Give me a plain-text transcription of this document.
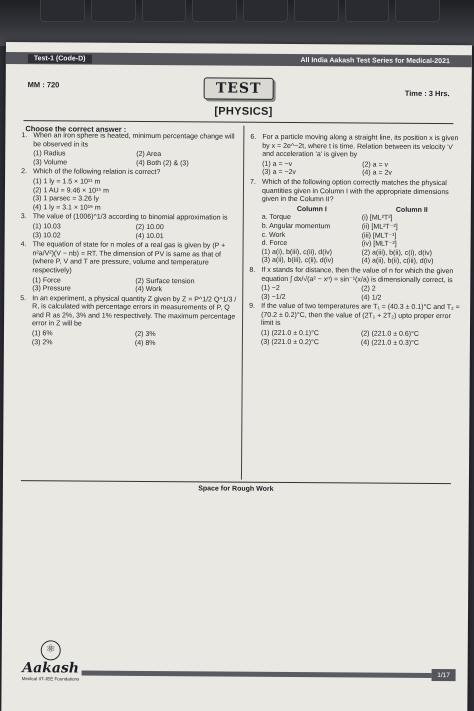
Test-1 (Code-D)	All India Aakash Test Series for Medical-2021
MM : 720	TEST	Time : 3 Hrs.
[PHYSICS]
Choose the correct answer :
1. When an iron sphere is heated, minimum percentage change will be observed in its
(1) Radius	(2) Area
(3) Volume	(4) Both (2) & (3)
2. Which of the following relation is correct?
(1) 1 ly = 1.5 × 10¹¹ m
(2) 1 AU = 9.46 × 10¹⁵ m
(3) 1 parsec = 3.26 ly
(4) 1 ly = 3.1 × 10¹⁶ m
3. The value of (1006)^1/3 according to binomial approximation is
(1) 10.03	(2) 10.00
(3) 10.02	(4) 10.01
4. The equation of state for n moles of a real gas is given by (P + n²a/V²)(V − nb) = RT. The dimension of PV is same as that of (where P, V and T are pressure, volume and temperature respectively)
(1) Force	(2) Surface tension
(3) Pressure	(4) Work
5. In an experiment, a physical quantity Z given by Z = P^1/2 Q^1/3 / R, is calculated with percentage errors in measurements of P, Q and R as 2%, 3% and 1% respectively. The maximum percentage error in Z will be
(1) 6%	(2) 3%
(3) 2%	(4) 8%
6. For a particle moving along a straight line, its position x is given by x = 2e^−2t, where t is time. Relation between its velocity 'v' and acceleration 'a' is given by
(1) a = −v	(2) a = v
(3) a = −2v	(4) a = 2v
7. Which of the following option correctly matches the physical quantities given in Column I with the appropriate dimensions given in the Column II?
Column I	Column II
a. Torque	(i) [ML²T²]
b. Angular momentum	(ii) [ML²T⁻²]
c. Work	(iii) [MLT⁻¹]
d. Force	(iv) [MLT⁻²]
(1) a(i), b(iii), c(ii), d(iv)	(2) a(iii), b(ii), c(i), d(iv)
(3) a(ii), b(iii), c(ii), d(iv)	(4) a(ii), b(ii), c(iii), d(iv)
8. If x stands for distance, then the value of n for which the given equation ∫ dx/√(a² − xⁿ) = sin⁻¹(x/a) is dimensionally correct, is
(1) −2	(2) 2
(3) −1/2	(4) 1/2
9. If the value of two temperatures are T₁ = (40.3 ± 0.1)°C and T₂ = (70.2 ± 0.2)°C, then the value of (2T₁ + 2T₂) upto proper error limit is
(1) (221.0 ± 0.1)°C	(2) (221.0 ± 0.6)°C
(3) (221.0 ± 0.2)°C	(4) (221.0 ± 0.3)°C
Space for Rough Work
⚛
Aakash
Medical IIT-JEE Foundations
1/17
